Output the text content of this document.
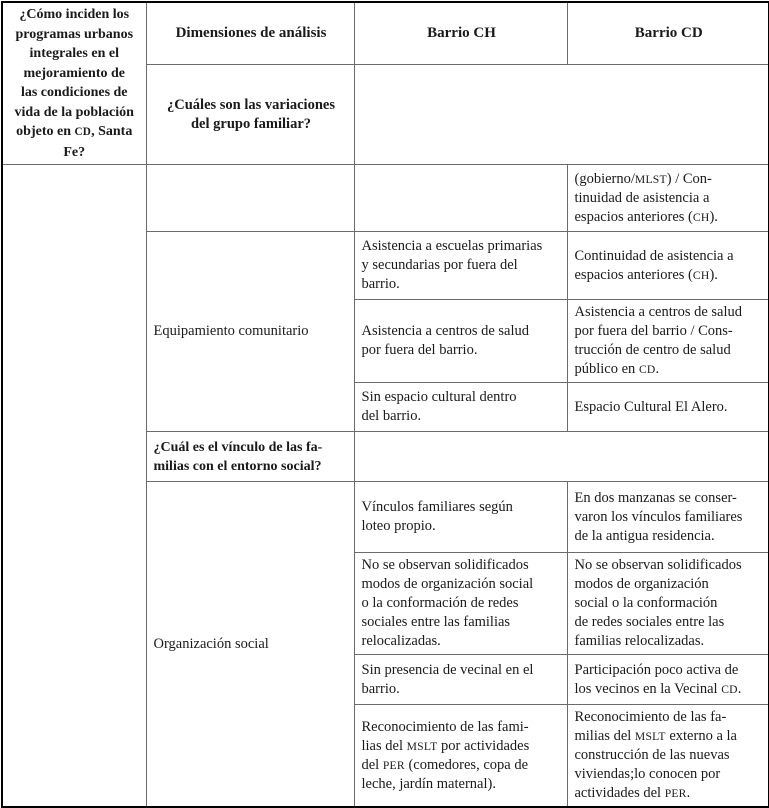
¿Cómo inciden los
programas urbanos
integrales en el
mejoramiento de
las condiciones de
vida de la población
objeto en CD, Santa
Fe?	Dimensiones de análisis	Barrio CH	Barrio CD
	¿Cuáles son las variaciones
del grupo familiar?		
			(gobierno/MLST) / Con-
tinuidad de asistencia a
espacios anteriores (CH).
	Equipamiento comunitario	Asistencia a escuelas primarias
y secundarias por fuera del
barrio.	Continuidad de asistencia a
espacios anteriores (CH).
		Asistencia a centros de salud
por fuera del barrio.	Asistencia a centros de salud
por fuera del barrio / Cons-
trucción de centro de salud
público en CD.
		Sin espacio cultural dentro
del barrio.	Espacio Cultural El Alero.
	¿Cuál es el vínculo de las fa-
milias con el entorno social?		
	Organización social	Vínculos familiares según
loteo propio.	En dos manzanas se conser-
varon los vínculos familiares
de la antigua residencia.
		No se observan solidificados
modos de organización social
o la conformación de redes
sociales entre las familias
relocalizadas.	No se observan solidificados
modos de organización
social o la conformación
de redes sociales entre las
familias relocalizadas.
		Sin presencia de vecinal en el
barrio.	Participación poco activa de
los vecinos en la Vecinal CD.
		Reconocimiento de las fami-
lias del MSLT por actividades
del PER (comedores, copa de
leche, jardín maternal).	Reconocimiento de las fa-
milias del MSLT externo a la
construcción de las nuevas
viviendas;lo conocen por
actividades del PER.
